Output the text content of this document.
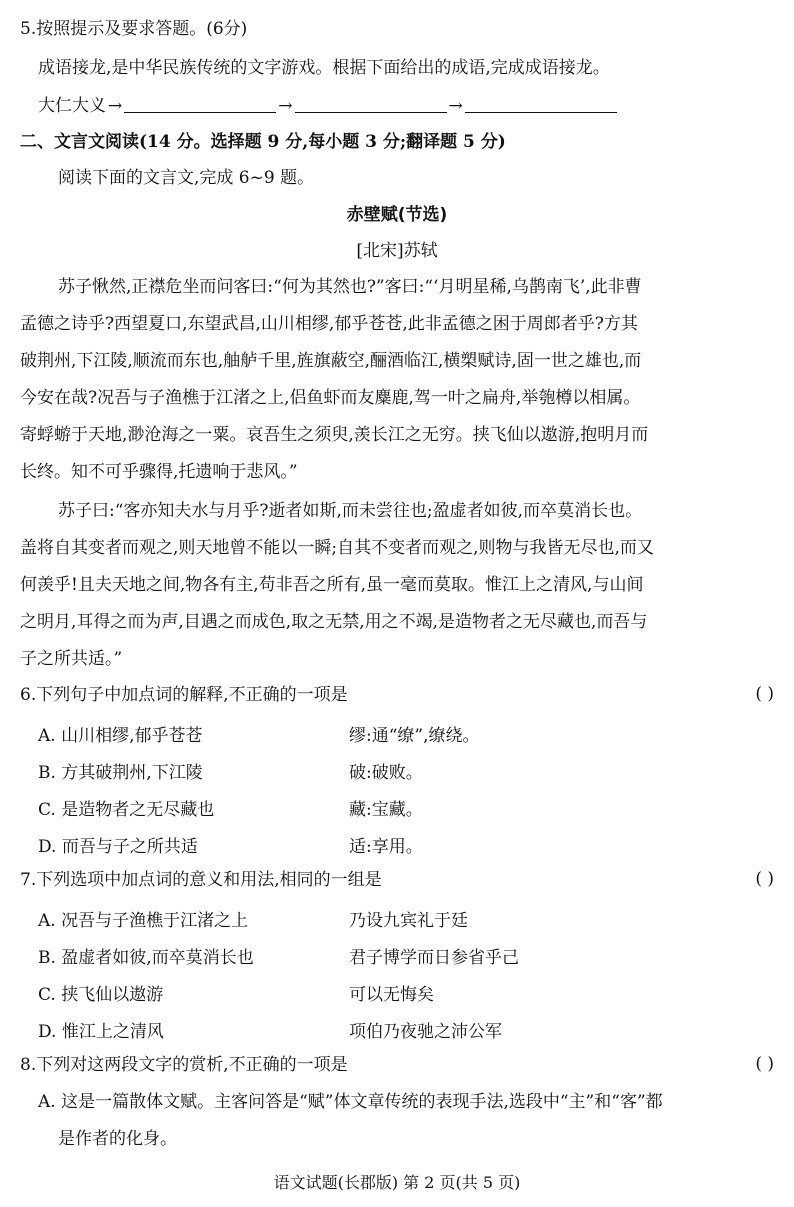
5.按照提示及要求答题。(6分)
成语接龙,是中华民族传统的文字游戏。根据下面给出的成语,完成成语接龙。
大仁大义 →	→	→
二、文言文阅读(14 分。选择题 9 分,每小题 3 分;翻译题 5 分)
阅读下面的文言文,完成 6~9 题。
赤壁赋(节选)
[北宋]苏轼
苏子愀然,正襟危坐而问客曰:“何为其然也?”客曰:“‘月明星稀,乌鹊南飞’,此非曹
孟德之诗乎?西望夏口,东望武昌,山川相缪,郁乎苍苍,此非孟德之困于周郎者乎?方其
破荆州,下江陵,顺流而东也,舳舻千里,旌旗蔽空,酾酒临江,横槊赋诗,固一世之雄也,而
今安在哉?况吾与子渔樵于江渚之上,侣鱼虾而友麋鹿,驾一叶之扁舟,举匏樽以相属。
寄蜉蝣于天地,渺沧海之一粟。哀吾生之须臾,羡长江之无穷。挟飞仙以遨游,抱明月而
长终。知不可乎骤得,托遗响于悲风。”
苏子曰:“客亦知夫水与月乎?逝者如斯,而未尝往也;盈虚者如彼,而卒莫消长也。
盖将自其变者而观之,则天地曾不能以一瞬;自其不变者而观之,则物与我皆无尽也,而又
何羡乎!且夫天地之间,物各有主,苟非吾之所有,虽一毫而莫取。惟江上之清风,与山间
之明月,耳得之而为声,目遇之而成色,取之无禁,用之不竭,是造物者之无尽藏也,而吾与
子之所共适。”
6.下列句子中加点词的解释,不正确的一项是	( )
A. 山川相缪,郁乎苍苍	缪:通“缭”,缭绕。
B. 方其破荆州,下江陵	破:破败。
C. 是造物者之无尽藏也	藏:宝藏。
D. 而吾与子之所共适	适:享用。
7.下列选项中加点词的意义和用法,相同的一组是	( )
A. 况吾与子渔樵于江渚之上	乃设九宾礼于廷
B. 盈虚者如彼,而卒莫消长也	君子博学而日参省乎己
C. 挟飞仙以遨游	可以无悔矣
D. 惟江上之清风	项伯乃夜驰之沛公军
8.下列对这两段文字的赏析,不正确的一项是	( )
A. 这是一篇散体文赋。主客问答是“赋”体文章传统的表现手法,选段中“主”和“客”都
是作者的化身。
语文试题(长郡版) 第 2 页(共 5 页)
